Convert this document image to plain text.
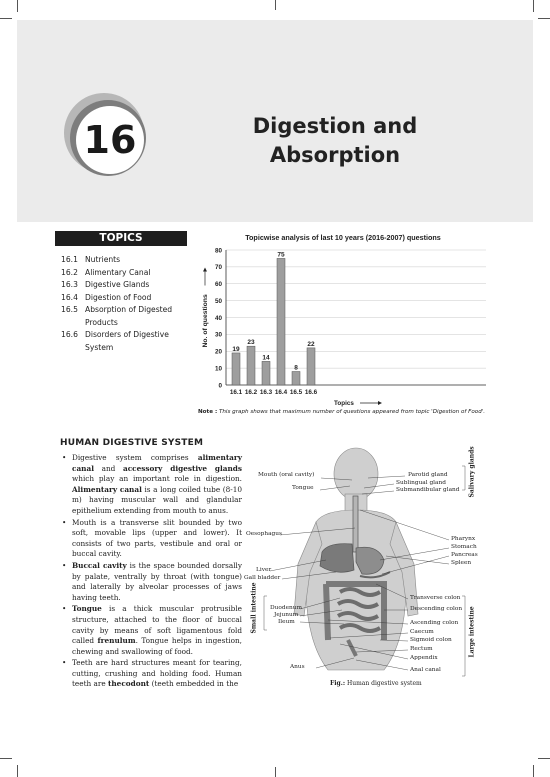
16	Digestion and
Absorption
TOPICS
16.1 Nutrients
16.2 Alimentary Canal
16.3 Digestive Glands
16.4 Digestion of Food
16.5 Absorption of Digested Products
16.6 Disorders of Digestive System
Topicwise analysis of last 10 years (2016-2007) questions
0
10
20
30
40
50
60
70
80
19
16.1
23
16.2
14
16.3
75
16.4
8
16.5
22
16.6
Topics
No. of questions
Note : This graph shows that maximum number of questions appeared from topic 'Digestion of Food'.
HUMAN DIGESTIVE SYSTEM
• Digestive system comprises alimentary canal and accessory digestive glands which play an important role in digestion. Alimentary canal is a long coiled tube (8-10 m) having muscular wall and glandular epithelium extending from mouth to anus.
• Mouth is a transverse slit bounded by two soft, movable lips (upper and lower). It consists of two parts, vestibule and oral or buccal cavity.
• Buccal cavity is the space bounded dorsally by palate, ventrally by throat (with tongue) and laterally by alveolar processes of jaws having teeth.
• Tongue is a thick muscular protrusible structure, attached to the floor of buccal cavity by means of soft ligamentous fold called frenulum. Tongue helps in ingestion, chewing and swallowing of food.
• Teeth are hard structures meant for tearing, cutting, crushing and holding food. Human teeth are thecodont (teeth embedded in the
Mouth (oral cavity)
Tongue
Parotid gland
Sublingual gland
Submandibular gland Salivary glands
Oesophagus
Pharynx
Stomach
Pancreas
Spleen
Liver
Gall bladder
Transverse colon
Descending colon
Duodenum
Jejunum
Ileum
Small intestine	Ascending colon
Caecum
Sigmoid colon	Large intestine
Rectum
Appendix
Anus	Anal canal
Fig.: Human digestive system
